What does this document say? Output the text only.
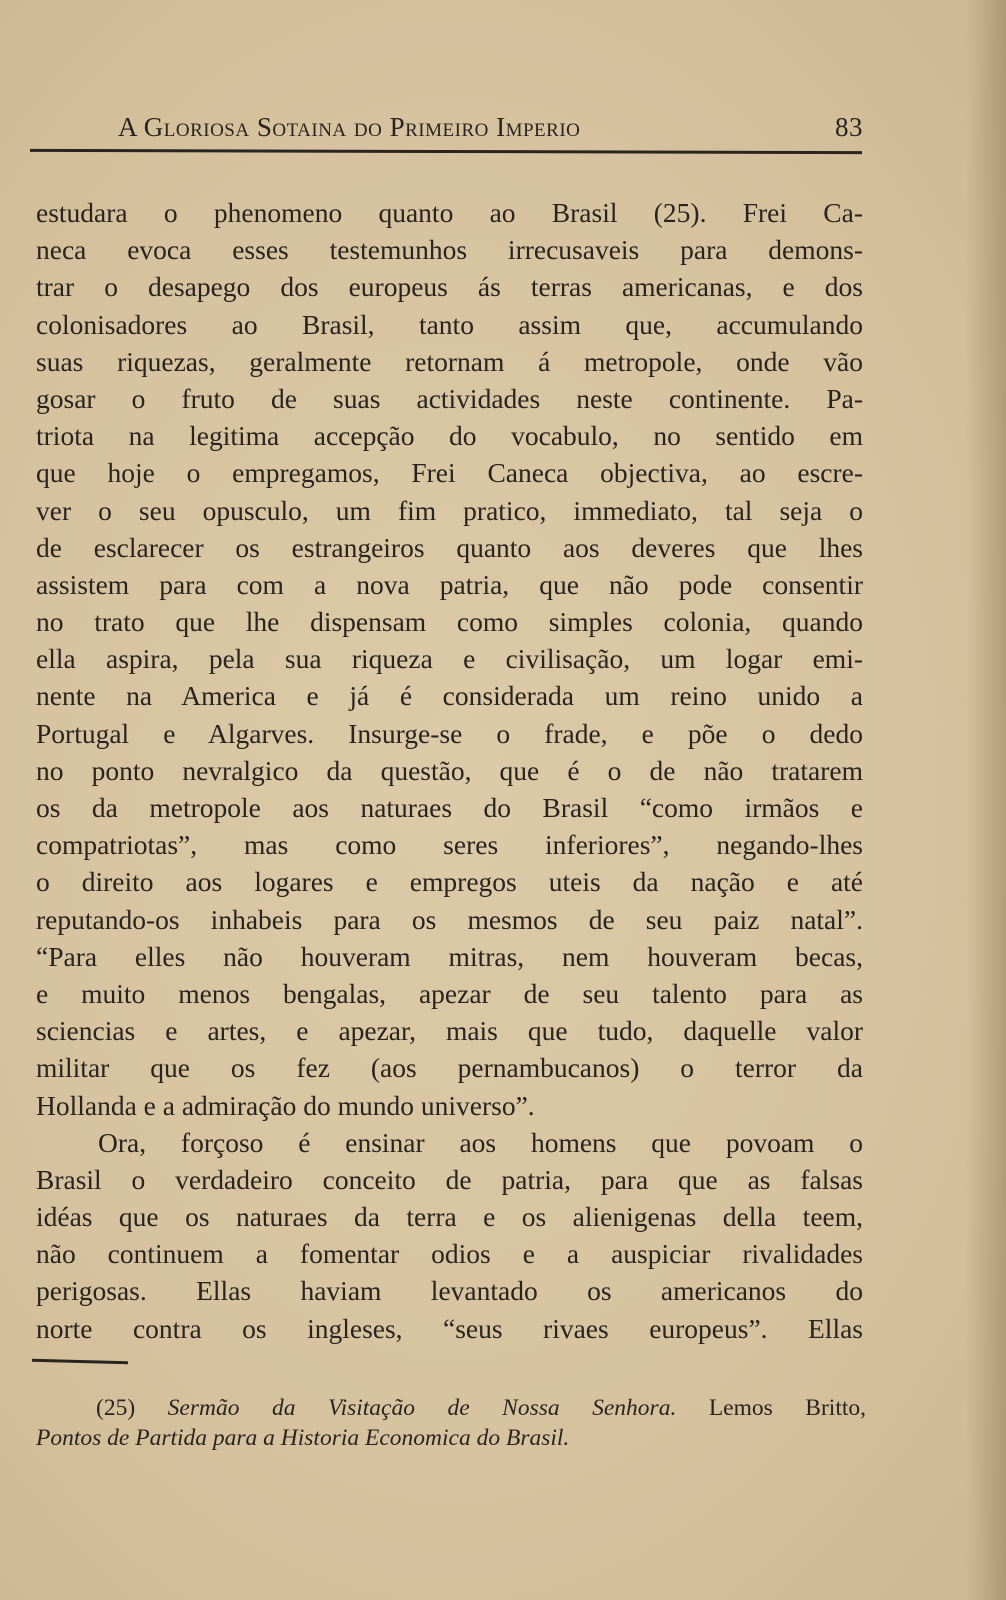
A Gloriosa Sotaina do Primeiro Imperio	83
estudara o phenomeno quanto ao Brasil (25). Frei Ca-
neca evoca esses testemunhos irrecusaveis para demons-
trar o desapego dos europeus ás terras americanas, e dos
colonisadores ao Brasil, tanto assim que, accumulando
suas riquezas, geralmente retornam á metropole, onde vão
gosar o fruto de suas actividades neste continente. Pa-
triota na legitima accepção do vocabulo, no sentido em
que hoje o empregamos, Frei Caneca objectiva, ao escre-
ver o seu opusculo, um fim pratico, immediato, tal seja o
de esclarecer os estrangeiros quanto aos deveres que lhes
assistem para com a nova patria, que não pode consentir
no trato que lhe dispensam como simples colonia, quando
ella aspira, pela sua riqueza e civilisação, um logar emi-
nente na America e já é considerada um reino unido a
Portugal e Algarves. Insurge-se o frade, e põe o dedo
no ponto nevralgico da questão, que é o de não tratarem
os da metropole aos naturaes do Brasil “como irmãos e
compatriotas”, mas como seres inferiores”, negando-lhes
o direito aos logares e empregos uteis da nação e até
reputando-os inhabeis para os mesmos de seu paiz natal”.
“Para elles não houveram mitras, nem houveram becas,
e muito menos bengalas, apezar de seu talento para as
sciencias e artes, e apezar, mais que tudo, daquelle valor
militar que os fez (aos pernambucanos) o terror da
Hollanda e a admiração do mundo universo”.
Ora, forçoso é ensinar aos homens que povoam o
Brasil o verdadeiro conceito de patria, para que as falsas
idéas que os naturaes da terra e os alienigenas della teem,
não continuem a fomentar odios e a auspiciar rivalidades
perigosas. Ellas haviam levantado os americanos do
norte contra os ingleses, “seus rivaes europeus”. Ellas
(25) Sermão da Visitação de Nossa Senhora. Lemos Britto,
Pontos de Partida para a Historia Economica do Brasil.
